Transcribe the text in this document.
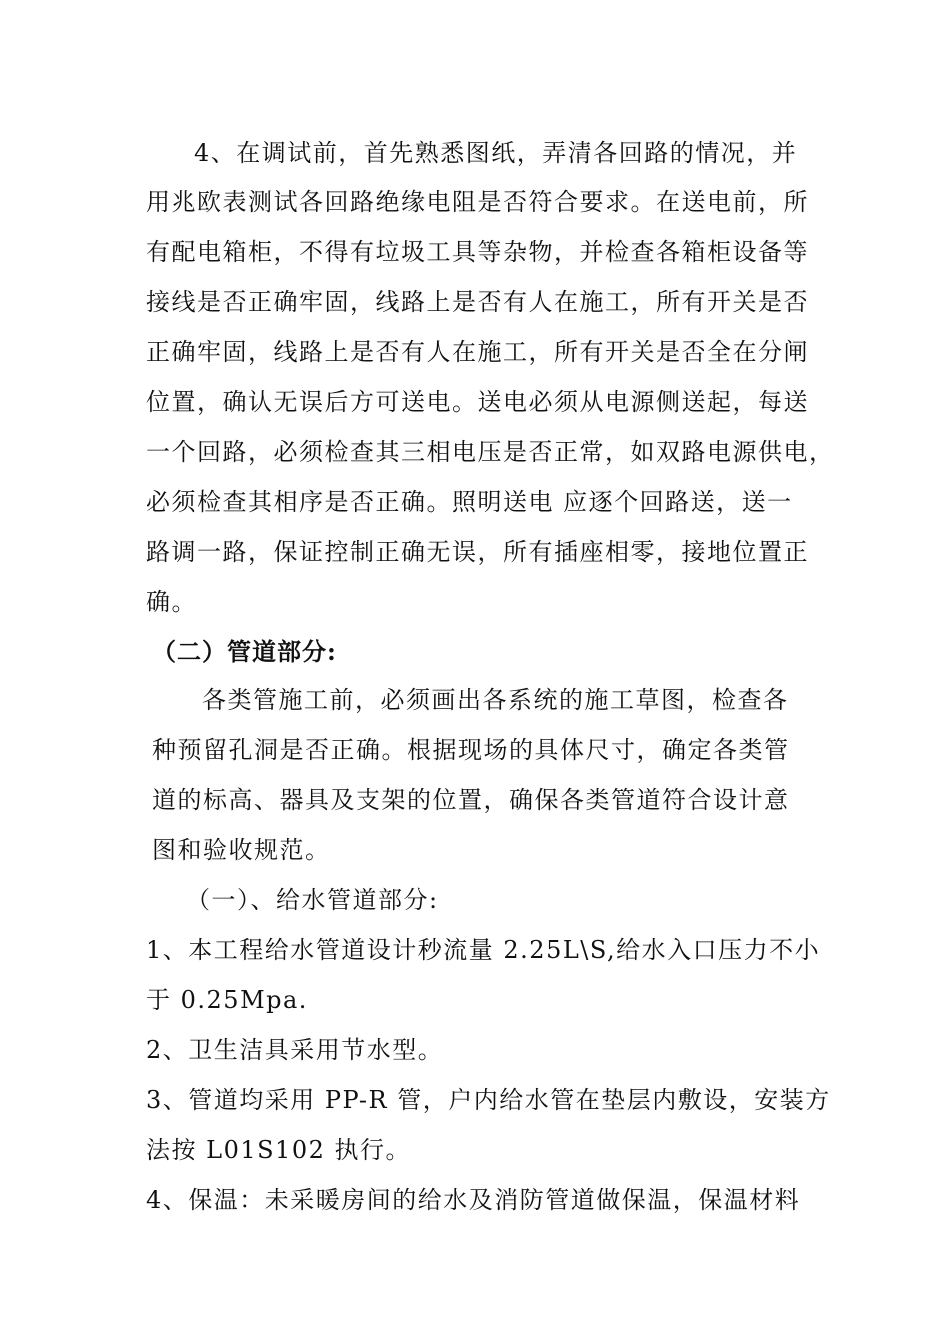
4、在调试前，首先熟悉图纸，弄清各回路的情况，并
用兆欧表测试各回路绝缘电阻是否符合要求。在送电前，所
有配电箱柜，不得有垃圾工具等杂物，并检查各箱柜设备等
接线是否正确牢固，线路上是否有人在施工，所有开关是否
正确牢固，线路上是否有人在施工，所有开关是否全在分闸
位置，确认无误后方可送电。送电必须从电源侧送起，每送
一个回路，必须检查其三相电压是否正常，如双路电源供电，
必须检查其相序是否正确。照明送电 应逐个回路送，送一
路调一路，保证控制正确无误，所有插座相零，接地位置正
确。
（二）管道部分:
各类管施工前，必须画出各系统的施工草图，检查各
种预留孔洞是否正确。根据现场的具体尺寸，确定各类管
道的标高、器具及支架的位置，确保各类管道符合设计意
图和验收规范。
（一）、给水管道部分:
1、本工程给水管道设计秒流量 2.25L\S,给水入口压力不小
于 0.25Mpa.
2、卫生洁具采用节水型。
3、管道均采用 PP-R 管，户内给水管在垫层内敷设，安装方
法按 L01S102 执行。
4、保温：未采暖房间的给水及消防管道做保温，保温材料
